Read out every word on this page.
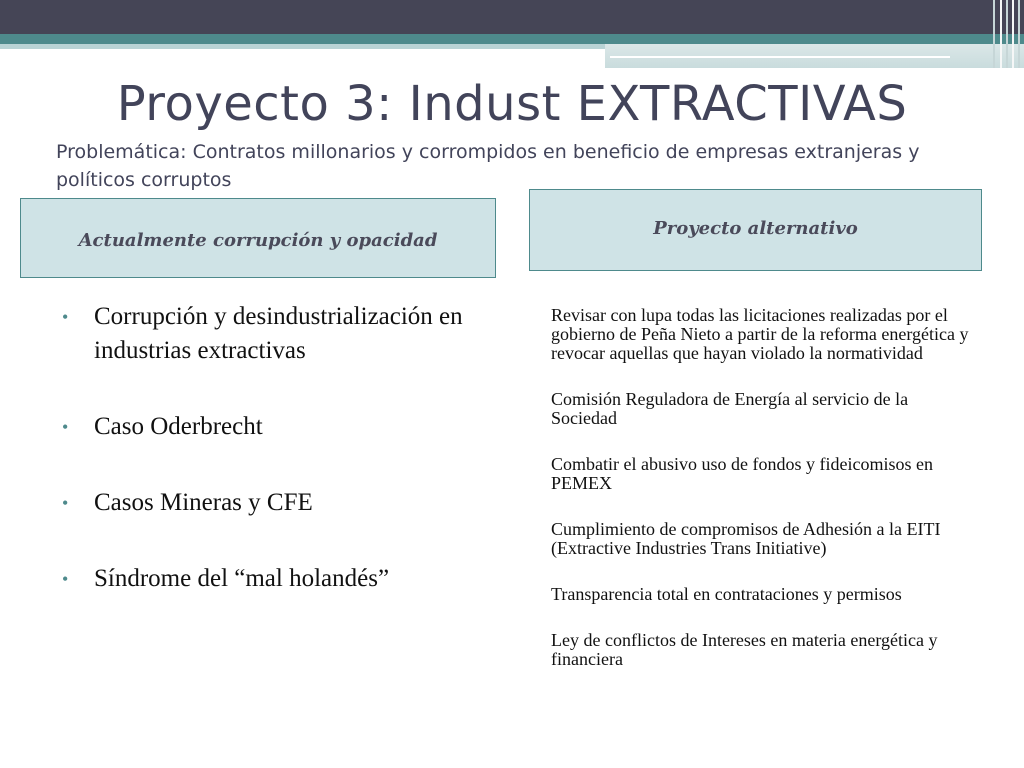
Proyecto 3: Indust EXTRACTIVAS
Problemática: Contratos millonarios y corrompidos en beneficio de empresas extranjeras y políticos corruptos
Actualmente corrupción y opacidad
Proyecto alternativo
• Corrupción y desindustrialización en industrias extractivas
• Caso Oderbrecht
• Casos Mineras y CFE
• Síndrome del “mal holandés”
Revisar con lupa todas las licitaciones realizadas por el gobierno de Peña Nieto a partir de la reforma energética y revocar aquellas que hayan violado la normatividad
Comisión Reguladora de Energía al servicio de la Sociedad
Combatir el abusivo uso de fondos y fideicomisos en PEMEX
Cumplimiento de compromisos de Adhesión a la EITI (Extractive Industries Trans Initiative)
Transparencia total en contrataciones y permisos
Ley de conflictos de Intereses en materia energética y financiera
